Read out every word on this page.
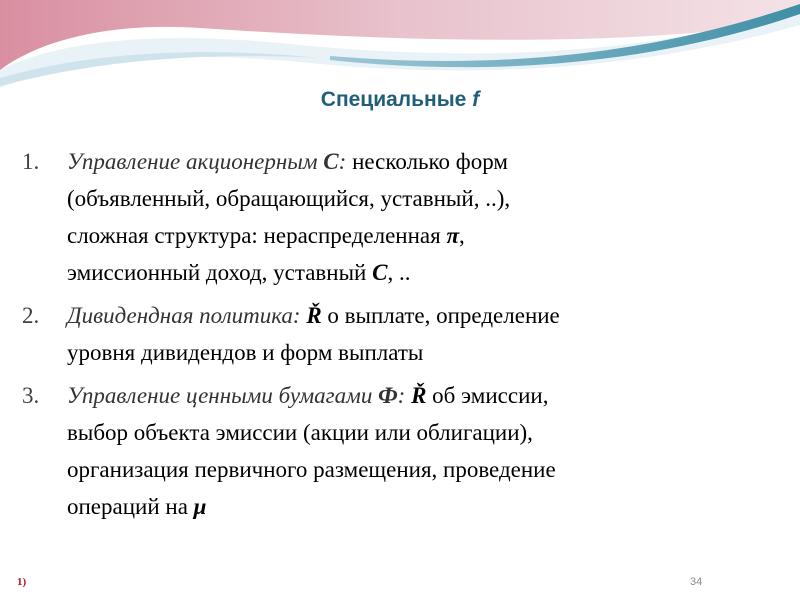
Специальные f
1. Управление акционерным С: несколько форм
(объявленный, обращающийся, уставный, ..),
сложная структура: нераспределенная π,
эмиссионный доход, уставный С, ..
2. Дивидендная политика: Ř о выплате, определение
уровня дивидендов и форм выплаты
3. Управление ценными бумагами Ф: Ř об эмиссии,
выбор объекта эмиссии (акции или облигации),
организация первичного размещения, проведение
операций на μ
1)	34
